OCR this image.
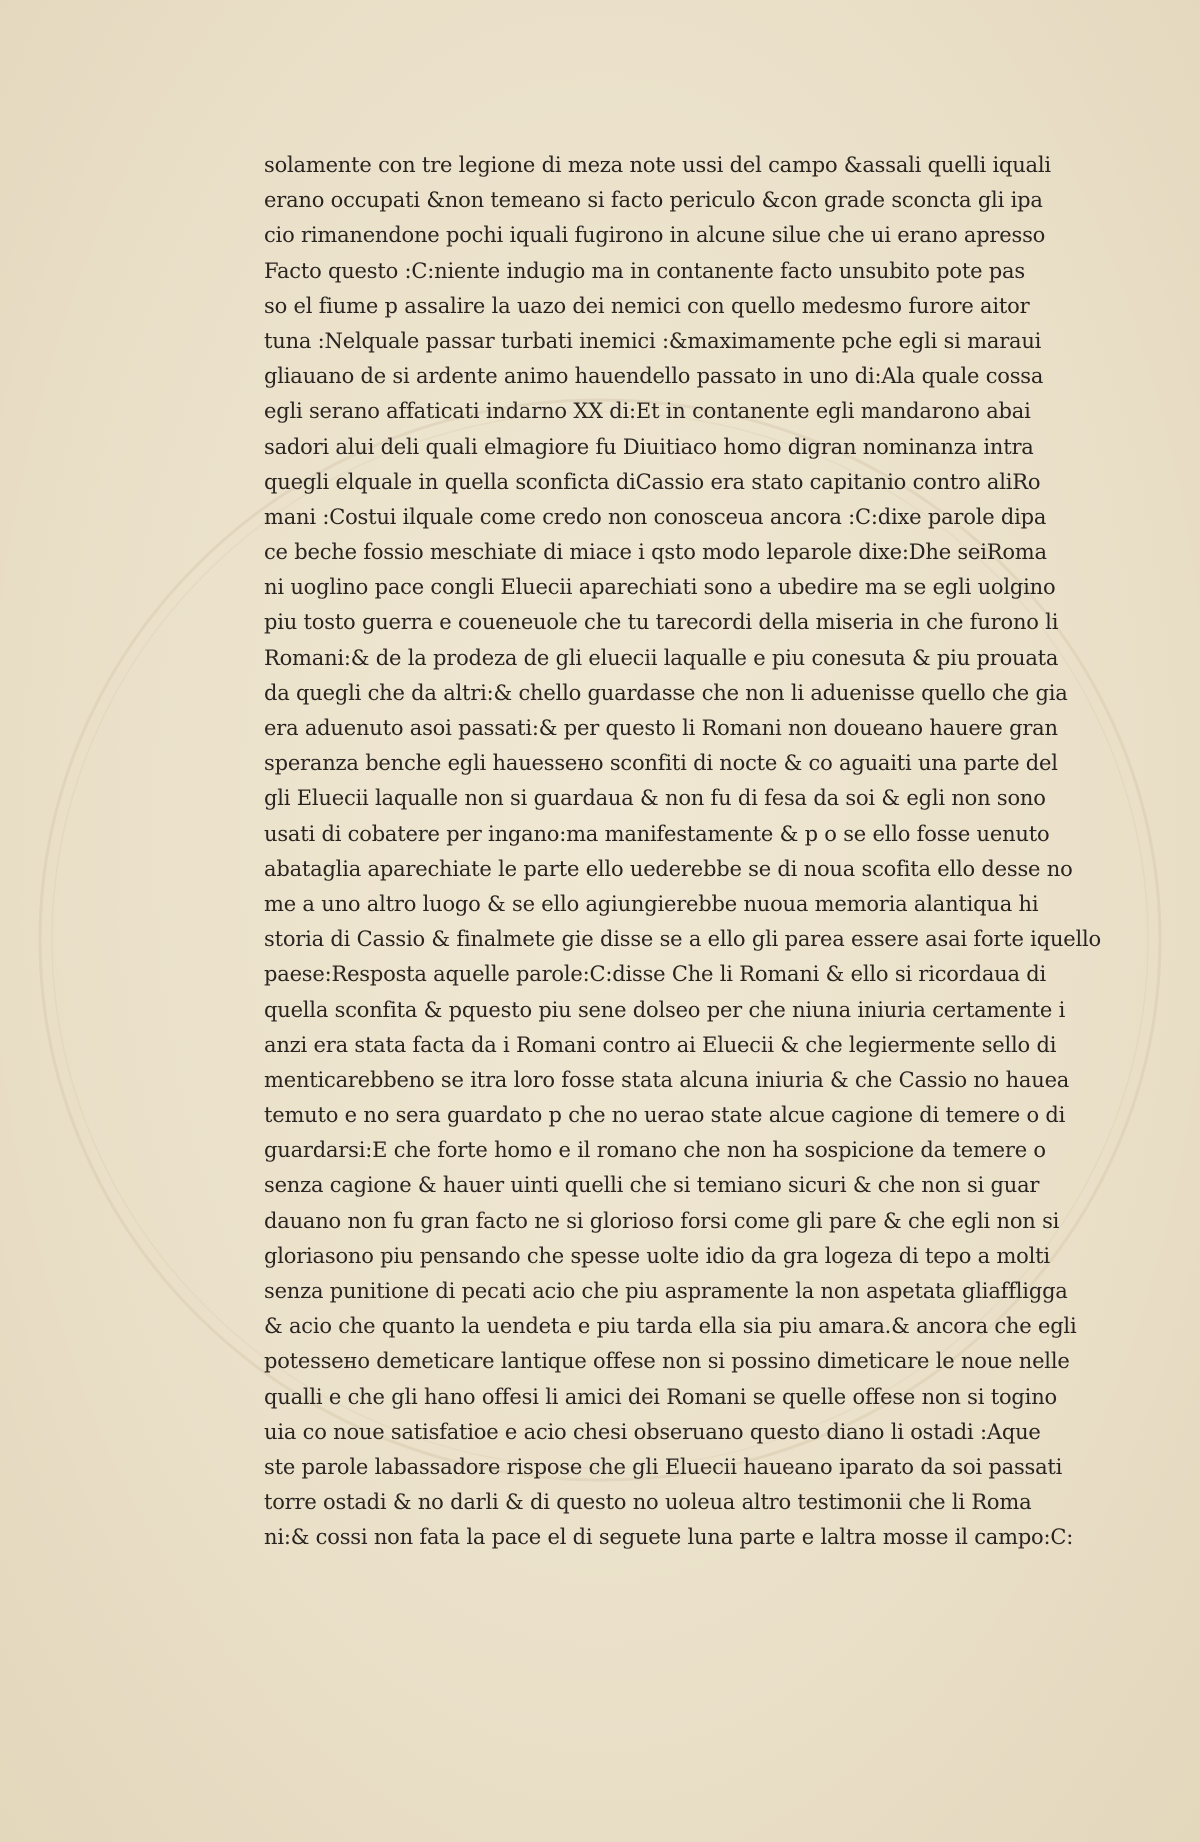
solamente con tre legione di meza note ussi del campo &assali quelli iquali
erano occupati &non temeano si facto periculo &con grade sconcta gli ipa
cio rimanendone pochi iquali fugirono in alcune silue che ui erano apresso
Facto questo :C:niente indugio ma in contanente facto unsubito pote pas
so el fiume p assalire la uazo dei nemici con quello medesmo furore aitor
tuna :Nelquale passar turbati inemici :&maximamente pche egli si marauі
gliauano de si ardente animo hauendello passato in uno di:Ala quale cossa
egli serano affaticati indarno XX di:Et in contanente egli mandarono abai
sadori alui deli quali elmagiore fu Diuitiaco homo digran nominanza intra
quegli elquale in quella sconficta diCassio era stato capitanio contro aliRo
mani :Costui ilquale come credo non conosceua ancora :C:dixe parole dipa
ce beche fossio meschiate di miace i qsto modo leparole dixe:Dhe seiRoma
ni uoglino pace congli Eluecii aparechiati sono a ubedire ma se egli uolgino
piu tosto guerra e coueneuole che tu tarecordi della miseria in che furono li
Romani:& de la prodeza de gli eluecii laqualle e piu conesuta & piu prouata
da quegli che da altri:& chello guardasse che non li aduenisse quello che gia
era aduenuto asoi passati:& per questo li Romani non doueano hauere gran
speranza benche egli hauessено sconfiti di nocte & co aguaiti una parte del
gli Eluecii laqualle non si guardaua & non fu di fesa da soi & egli non sono
usati di cobatere per ingano:ma manifestamente & p o se ello fosse uenuto
abataglia aparechiate le parte ello uederebbe se di noua scofita ello desse no
me a uno altro luogo & se ello agiungierebbe nuoua memoria alantiqua hi
storia di Cassio & finalmete gie disse se a ello gli parea essere asai forte iquello
paese:Resposta aquelle parole:C:disse Che li Romani & ello si ricordaua di
quella sconfita & pquesto piu sene dolseo per che niuna iniuria certamente i
anzi era stata facta da i Romani contro ai Eluecii & che legiermente sello di
menticarebbeno se itra loro fosse stata alcuna iniuria & che Cassio no hauea
temuto e no sera guardato p che no uerao state alcue cagione di temere o di
guardarsi:E che forte homo e il romano che non ha sospicione da temere o
senza cagione & hauer uinti quelli che si temiano sicuri & che non si guar
dauano non fu gran facto ne si glorioso forsi come gli pare & che egli non si
gloriasono piu pensando che spesse uolte idio da gra logeza di tepo a molti
senza punitione di pecati acio che piu aspramente la non aspetata gliaffligga
& acio che quanto la uendeta e piu tarda ella sia piu amara.& ancora che egli
potessено demeticare lantique offese non si possino dimeticare le noue nelle
qualli e che gli hano offesi li amici dei Romani se quelle offese non si togino
uia co noue satisfatioe e acio chesi obseruano questo diano li ostadi :Aque
ste parole labassadore rispose che gli Eluecii haueano iparato da soi passati
torre ostadi & no darli & di questo no uoleua altro testimonii che li Roma
ni:& cossi non fata la pace el di seguete luna parte e laltra mosse il campo:C:
